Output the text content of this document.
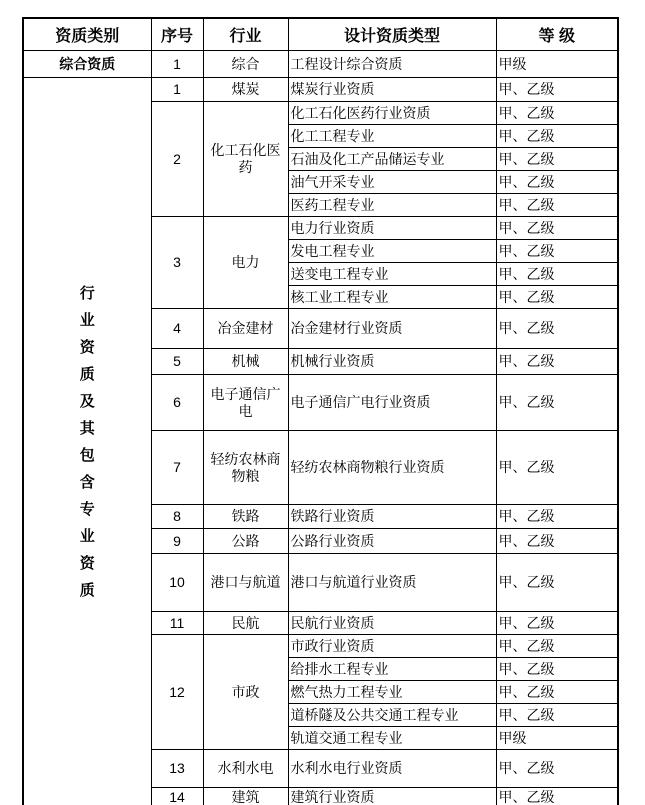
资质类别	序号	行业	设计资质类型	等 级
综合资质	1	综合	工程设计综合资质	甲级

行
业
资
质
及
其
包
含
专
业
资
质
	1	煤炭	煤炭行业资质	甲、乙级
	2	化工石化医药	化工石化医药行业资质	甲、乙级
			化工工程专业	甲、乙级
			石油及化工产品储运专业	甲、乙级
			油气开采专业	甲、乙级
			医药工程专业	甲、乙级
	3	电力	电力行业资质	甲、乙级
			发电工程专业	甲、乙级
			送变电工程专业	甲、乙级
			核工业工程专业	甲、乙级
	4	冶金建材	冶金建材行业资质	甲、乙级
	5	机械	机械行业资质	甲、乙级
	6	电子通信广电	电子通信广电行业资质	甲、乙级
	7	轻纺农林商物粮	轻纺农林商物粮行业资质	甲、乙级
	8	铁路	铁路行业资质	甲、乙级
	9	公路	公路行业资质	甲、乙级
	10	港口与航道	港口与航道行业资质	甲、乙级
	11	民航	民航行业资质	甲、乙级
	12	市政	市政行业资质	甲、乙级
			给排水工程专业	甲、乙级
			燃气热力工程专业	甲、乙级
			道桥隧及公共交通工程专业	甲、乙级
			轨道交通工程专业	甲级
	13	水利水电	水利水电行业资质	甲、乙级
	14	建筑	建筑行业资质	甲、乙级
